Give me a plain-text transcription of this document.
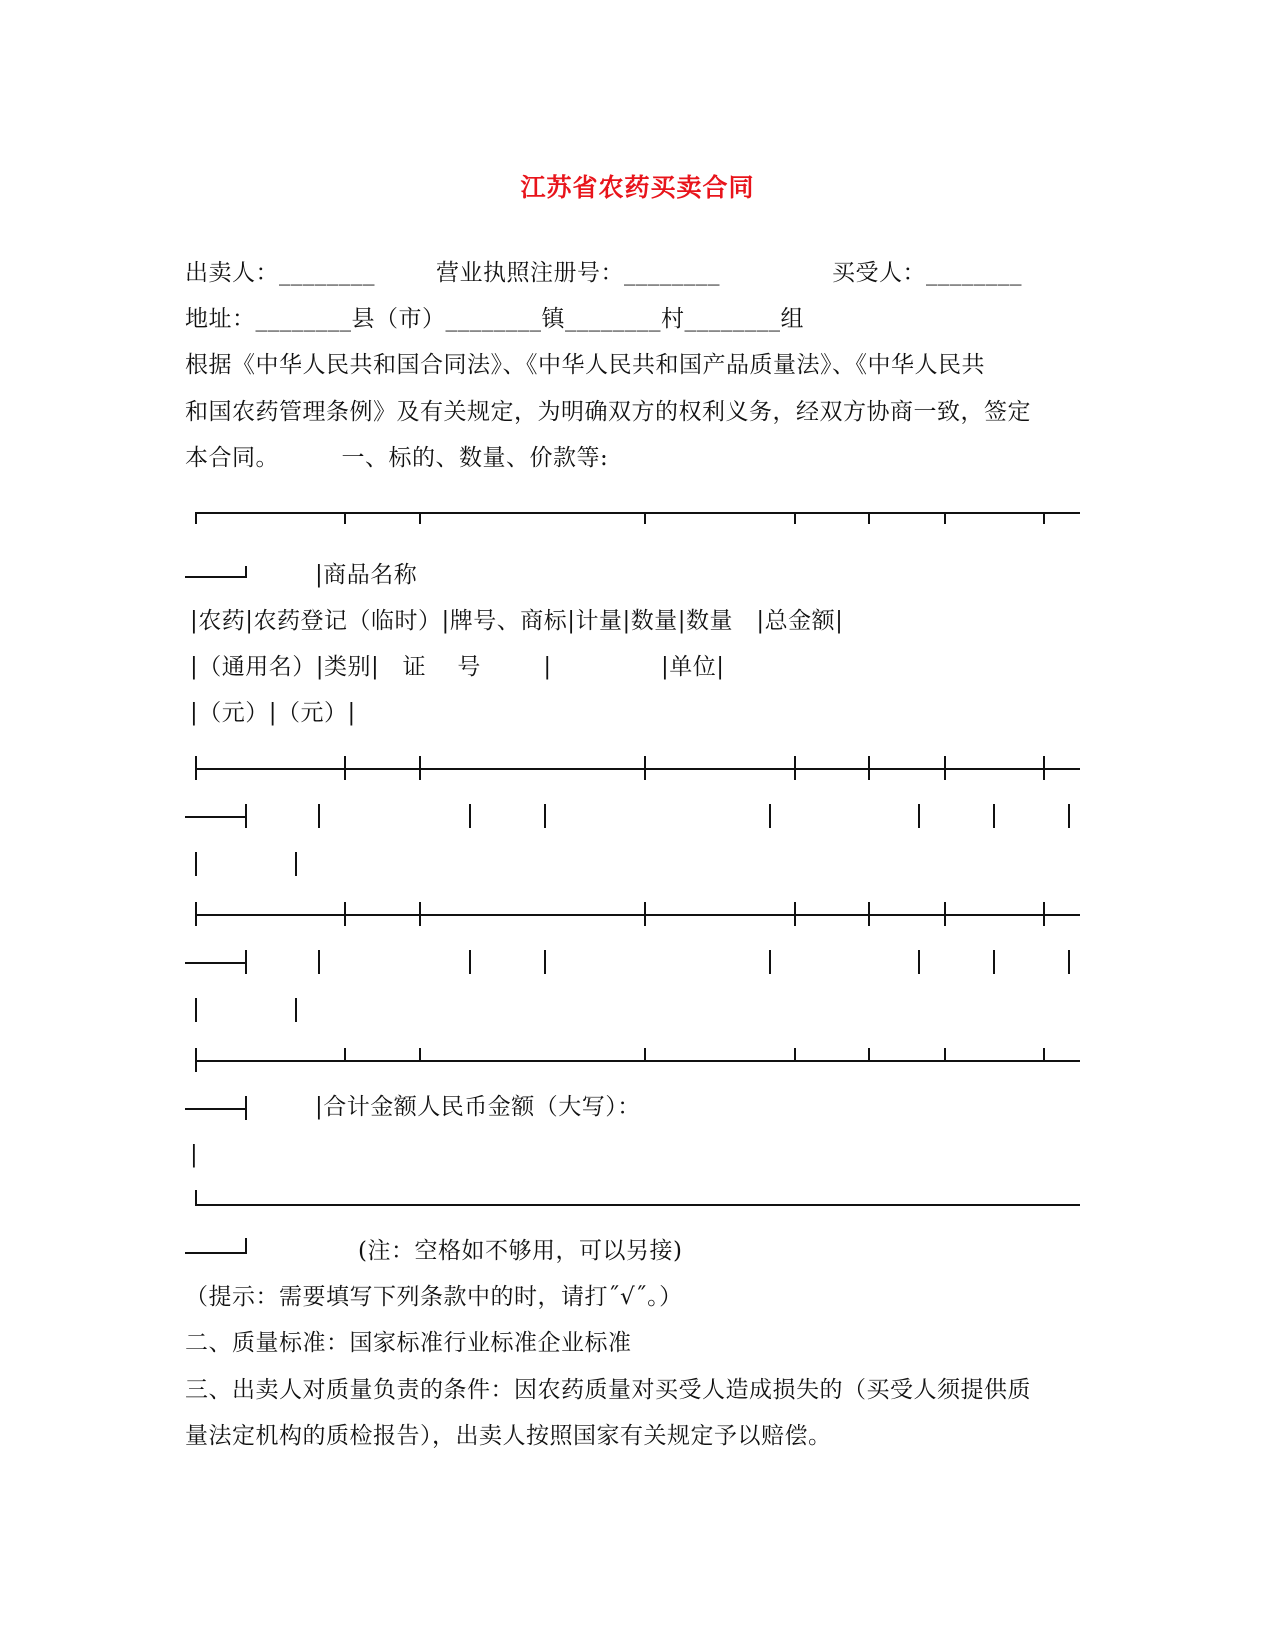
江苏省农药买卖合同
出卖人：________	营业执照注册号：________	买受人：________
地址：________县（市）________镇________村________组
根据《中华人民共和国合同法》、《中华人民共和国产品质量法》、《中华人民共
和国农药管理条例》及有关规定，为明确双方的权利义务，经双方协商一致，签定
本合同。        一、标的、数量、价款等:
|商品名称
|农药|农药登记（临时）|牌号、商标|计量|数量|数量   |总金额|
|（通用名）|类别|   证    号        |              |单位|
|（元）|（元）|
|合计金额人民币金额（大写）：
|
(注：空格如不够用，可以另接)
（提示：需要填写下列条款中的时，请打˝√˝。）
二、质量标准：国家标准行业标准企业标准
三、出卖人对质量负责的条件：因农药质量对买受人造成损失的（买受人须提供质
量法定机构的质检报告），出卖人按照国家有关规定予以赔偿。
